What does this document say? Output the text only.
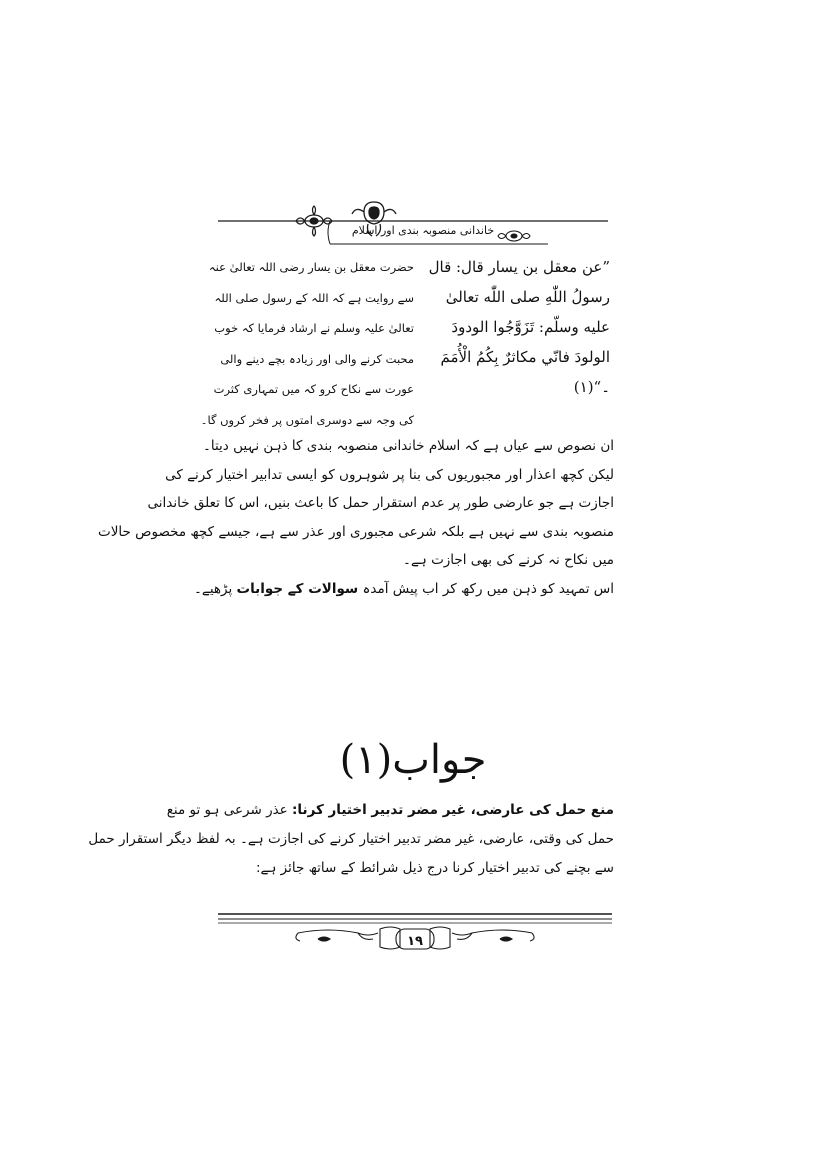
خاندانی منصوبہ بندی اور اسلام
”عن معقل بن يسار قال: قال
رسولُ اللّٰهِ صلى اللّٰه تعالىٰ
عليه وسلّم: تَزَوَّجُوا الودودَ
الولودَ فانّي مكاثرٌ بِكُمُ الْأُمَمَ
۔“(۱)
حضرت معقل بن یسار رضی اللہ تعالیٰ عنہ
سے روایت ہے کہ اللہ کے رسول صلی اللہ
تعالیٰ علیہ وسلم نے ارشاد فرمایا کہ خوب
محبت کرنے والی اور زیادہ بچے دینے والی
عورت سے نکاح کرو کہ میں تمہاری کثرت
کی وجہ سے دوسری امتوں پر فخر کروں گا۔
ان نصوص سے عیاں ہے کہ اسلام خاندانی منصوبہ بندی کا ذہن نہیں دیتا۔
لیکن کچھ اعذار اور مجبوریوں کی بنا پر شوہروں کو ایسی تدابیر اختیار کرنے کی
اجازت ہے جو عارضی طور پر عدم استقرار حمل کا باعث بنیں، اس کا تعلق خاندانی
منصوبہ بندی سے نہیں ہے بلکہ شرعی مجبوری اور عذر سے ہے، جیسے کچھ مخصوص حالات
میں نکاح نہ کرنے کی بھی اجازت ہے۔
اس تمہید کو ذہن میں رکھ کر اب پیش آمدہ سوالات کے جوابات پڑھیے۔
جواب(۱)
منع حمل کی عارضی، غیر مضر تدبیر اختیار کرنا: عذر شرعی ہو تو منع
حمل کی وقتی، عارضی، غیر مضر تدبیر اختیار کرنے کی اجازت ہے۔ بہ لفظ دیگر استقرار حمل
سے بچنے کی تدبیر اختیار کرنا درج ذیل شرائط کے ساتھ جائز ہے:
۱۹
